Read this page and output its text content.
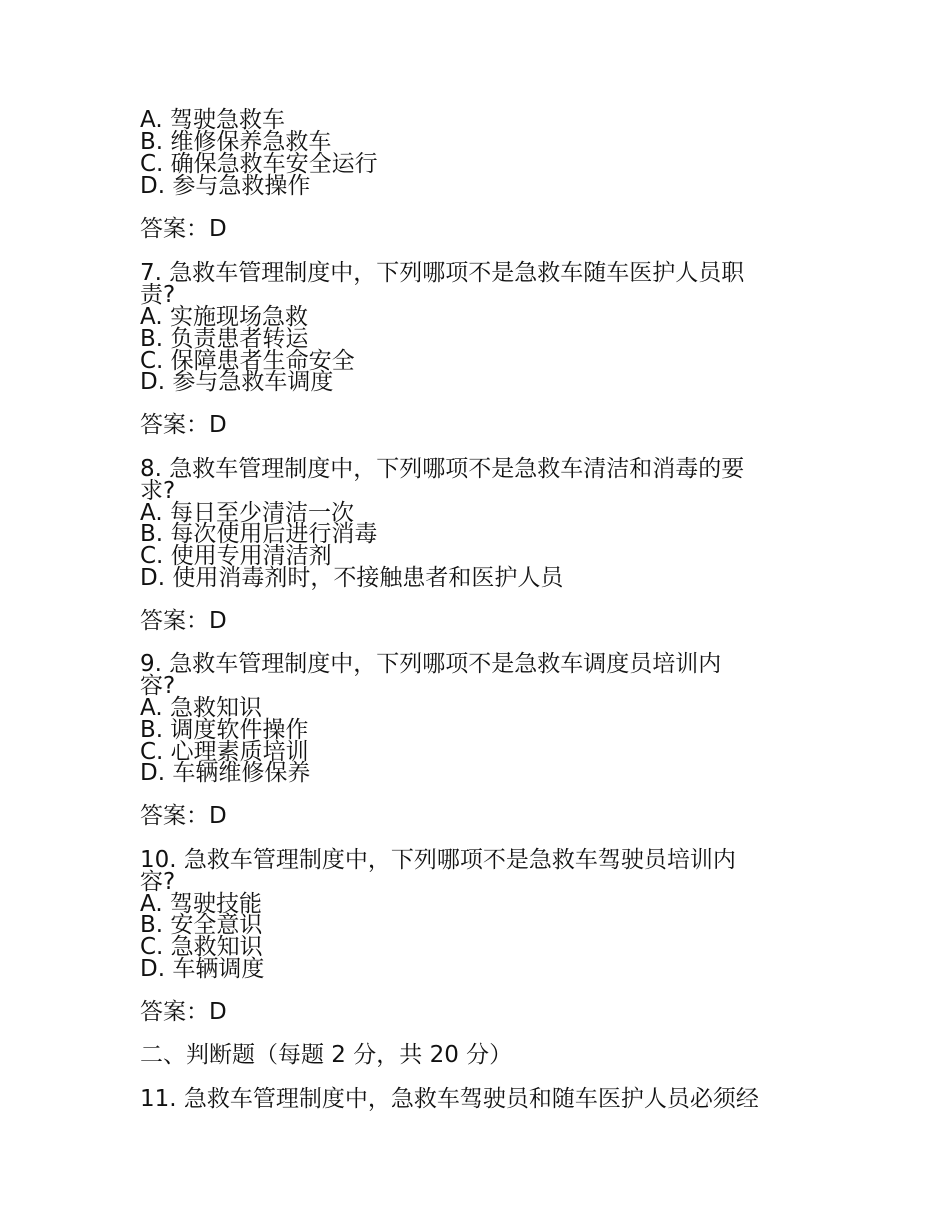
A. 驾驶急救车
B. 维修保养急救车
C. 确保急救车安全运行
D. 参与急救操作
答案：D
7. 急救车管理制度中，下列哪项不是急救车随车医护人员职
责?
A. 实施现场急救
B. 负责患者转运
C. 保障患者生命安全
D. 参与急救车调度
答案：D
8. 急救车管理制度中，下列哪项不是急救车清洁和消毒的要
求?
A. 每日至少清洁一次
B. 每次使用后进行消毒
C. 使用专用清洁剂
D. 使用消毒剂时，不接触患者和医护人员
答案：D
9. 急救车管理制度中，下列哪项不是急救车调度员培训内
容?
A. 急救知识
B. 调度软件操作
C. 心理素质培训
D. 车辆维修保养
答案：D
10. 急救车管理制度中，下列哪项不是急救车驾驶员培训内
容?
A. 驾驶技能
B. 安全意识
C. 急救知识
D. 车辆调度
答案：D
二、判断题（每题 2 分，共 20 分）
11. 急救车管理制度中，急救车驾驶员和随车医护人员必须经
